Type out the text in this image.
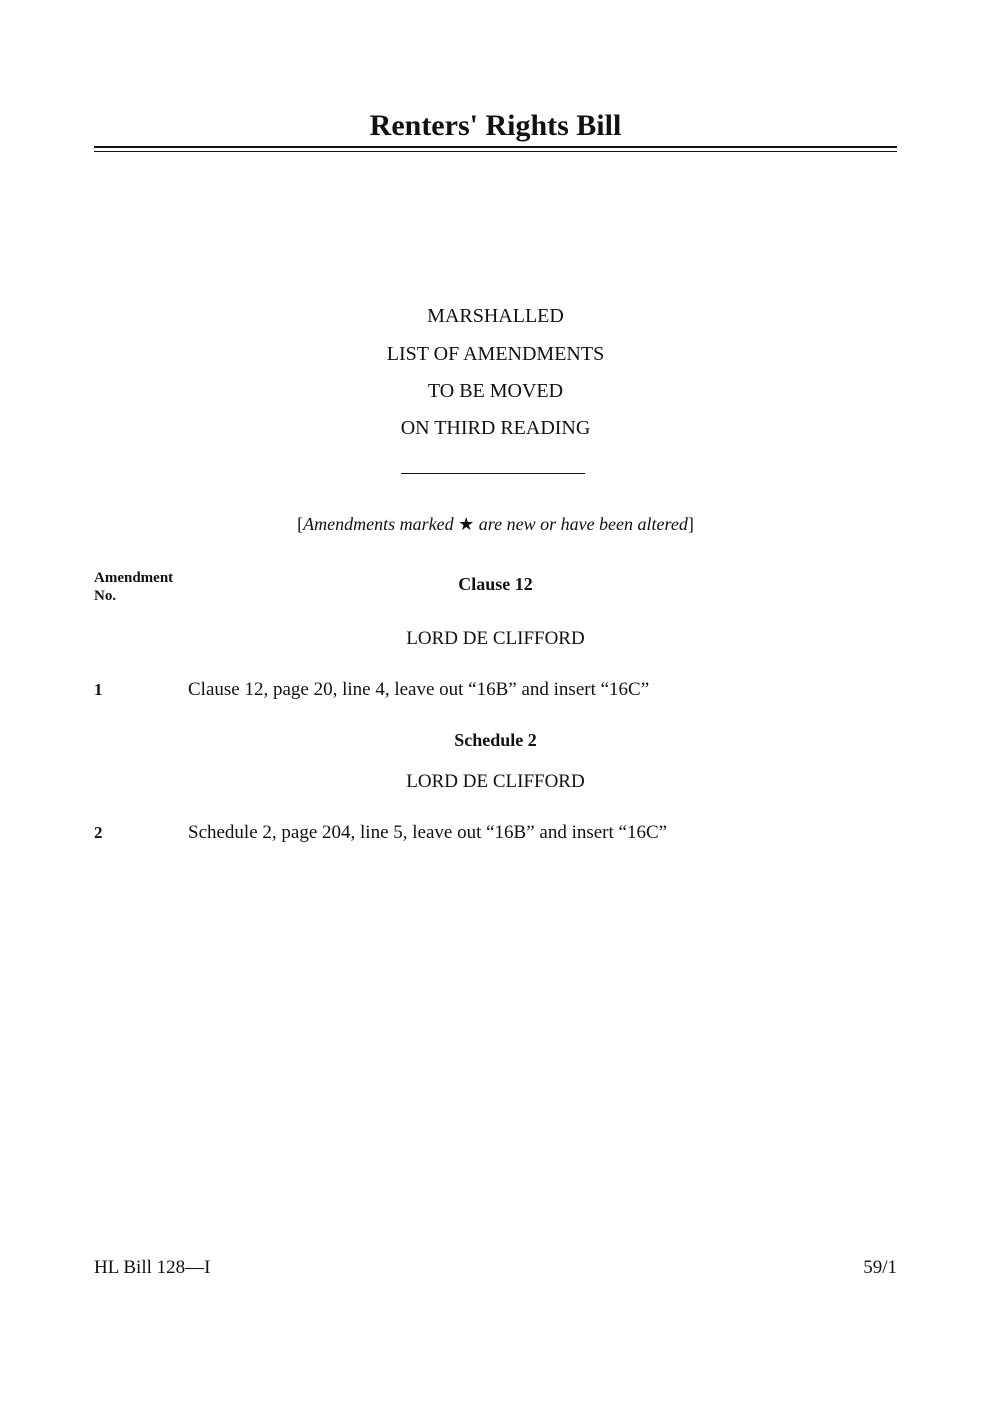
Renters' Rights Bill
MARSHALLED
LIST OF AMENDMENTS
TO BE MOVED
ON THIRD READING
[Amendments marked ★ are new or have been altered]
Amendment
No.
Clause 12
LORD DE CLIFFORD
1	Clause 12, page 20, line 4, leave out “16B” and insert “16C”
Schedule 2
LORD DE CLIFFORD
2	Schedule 2, page 204, line 5, leave out “16B” and insert “16C”
HL Bill 128—I	59/1
